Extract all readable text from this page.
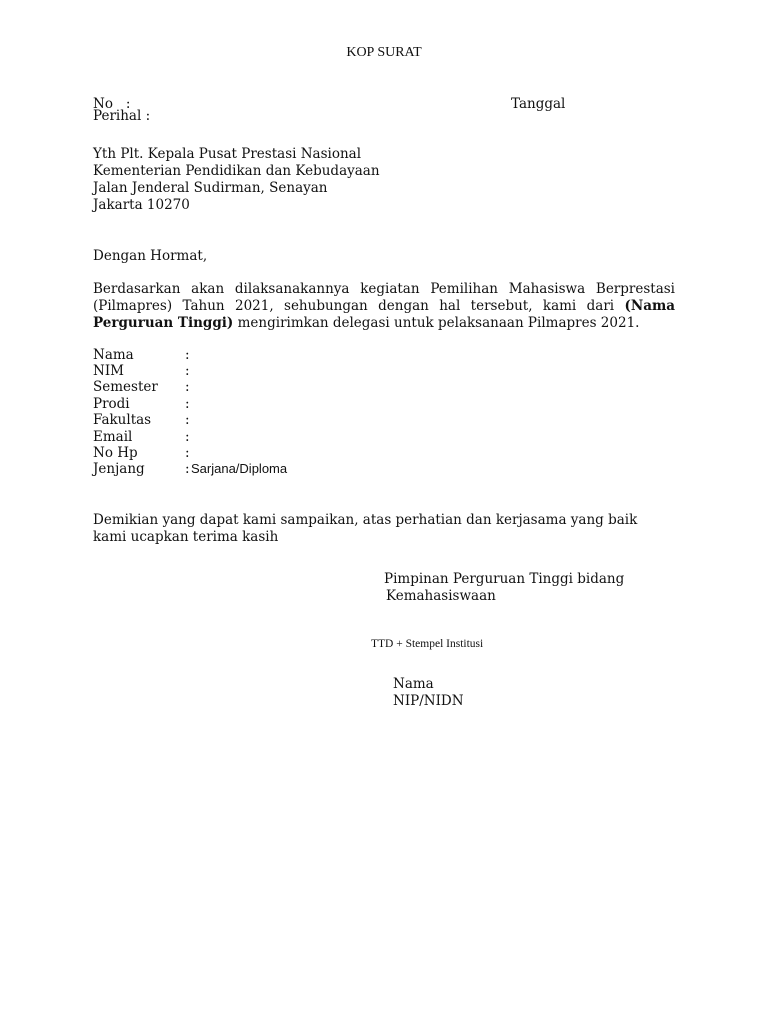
KOP SURAT
No   :	Tanggal
Perihal :
Yth Plt. Kepala Pusat Prestasi Nasional
Kementerian Pendidikan dan Kebudayaan
Jalan Jenderal Sudirman, Senayan
Jakarta 10270
Dengan Hormat,
Berdasarkan akan dilaksanakannya kegiatan Pemilihan Mahasiswa Berprestasi (Pilmapres) Tahun 2021, sehubungan dengan hal tersebut, kami dari (Nama Perguruan Tinggi) mengirimkan delegasi untuk pelaksanaan Pilmapres 2021.
Nama	:
NIM	:
Semester :
Prodi	:
Fakultas	:
Email	:
No Hp	:
Jenjang	: Sarjana/Diploma
Demikian yang dapat kami sampaikan, atas perhatian dan kerjasama yang baik kami ucapkan terima kasih
Pimpinan Perguruan Tinggi bidang
Kemahasiswaan
TTD + Stempel Institusi
Nama
NIP/NIDN
